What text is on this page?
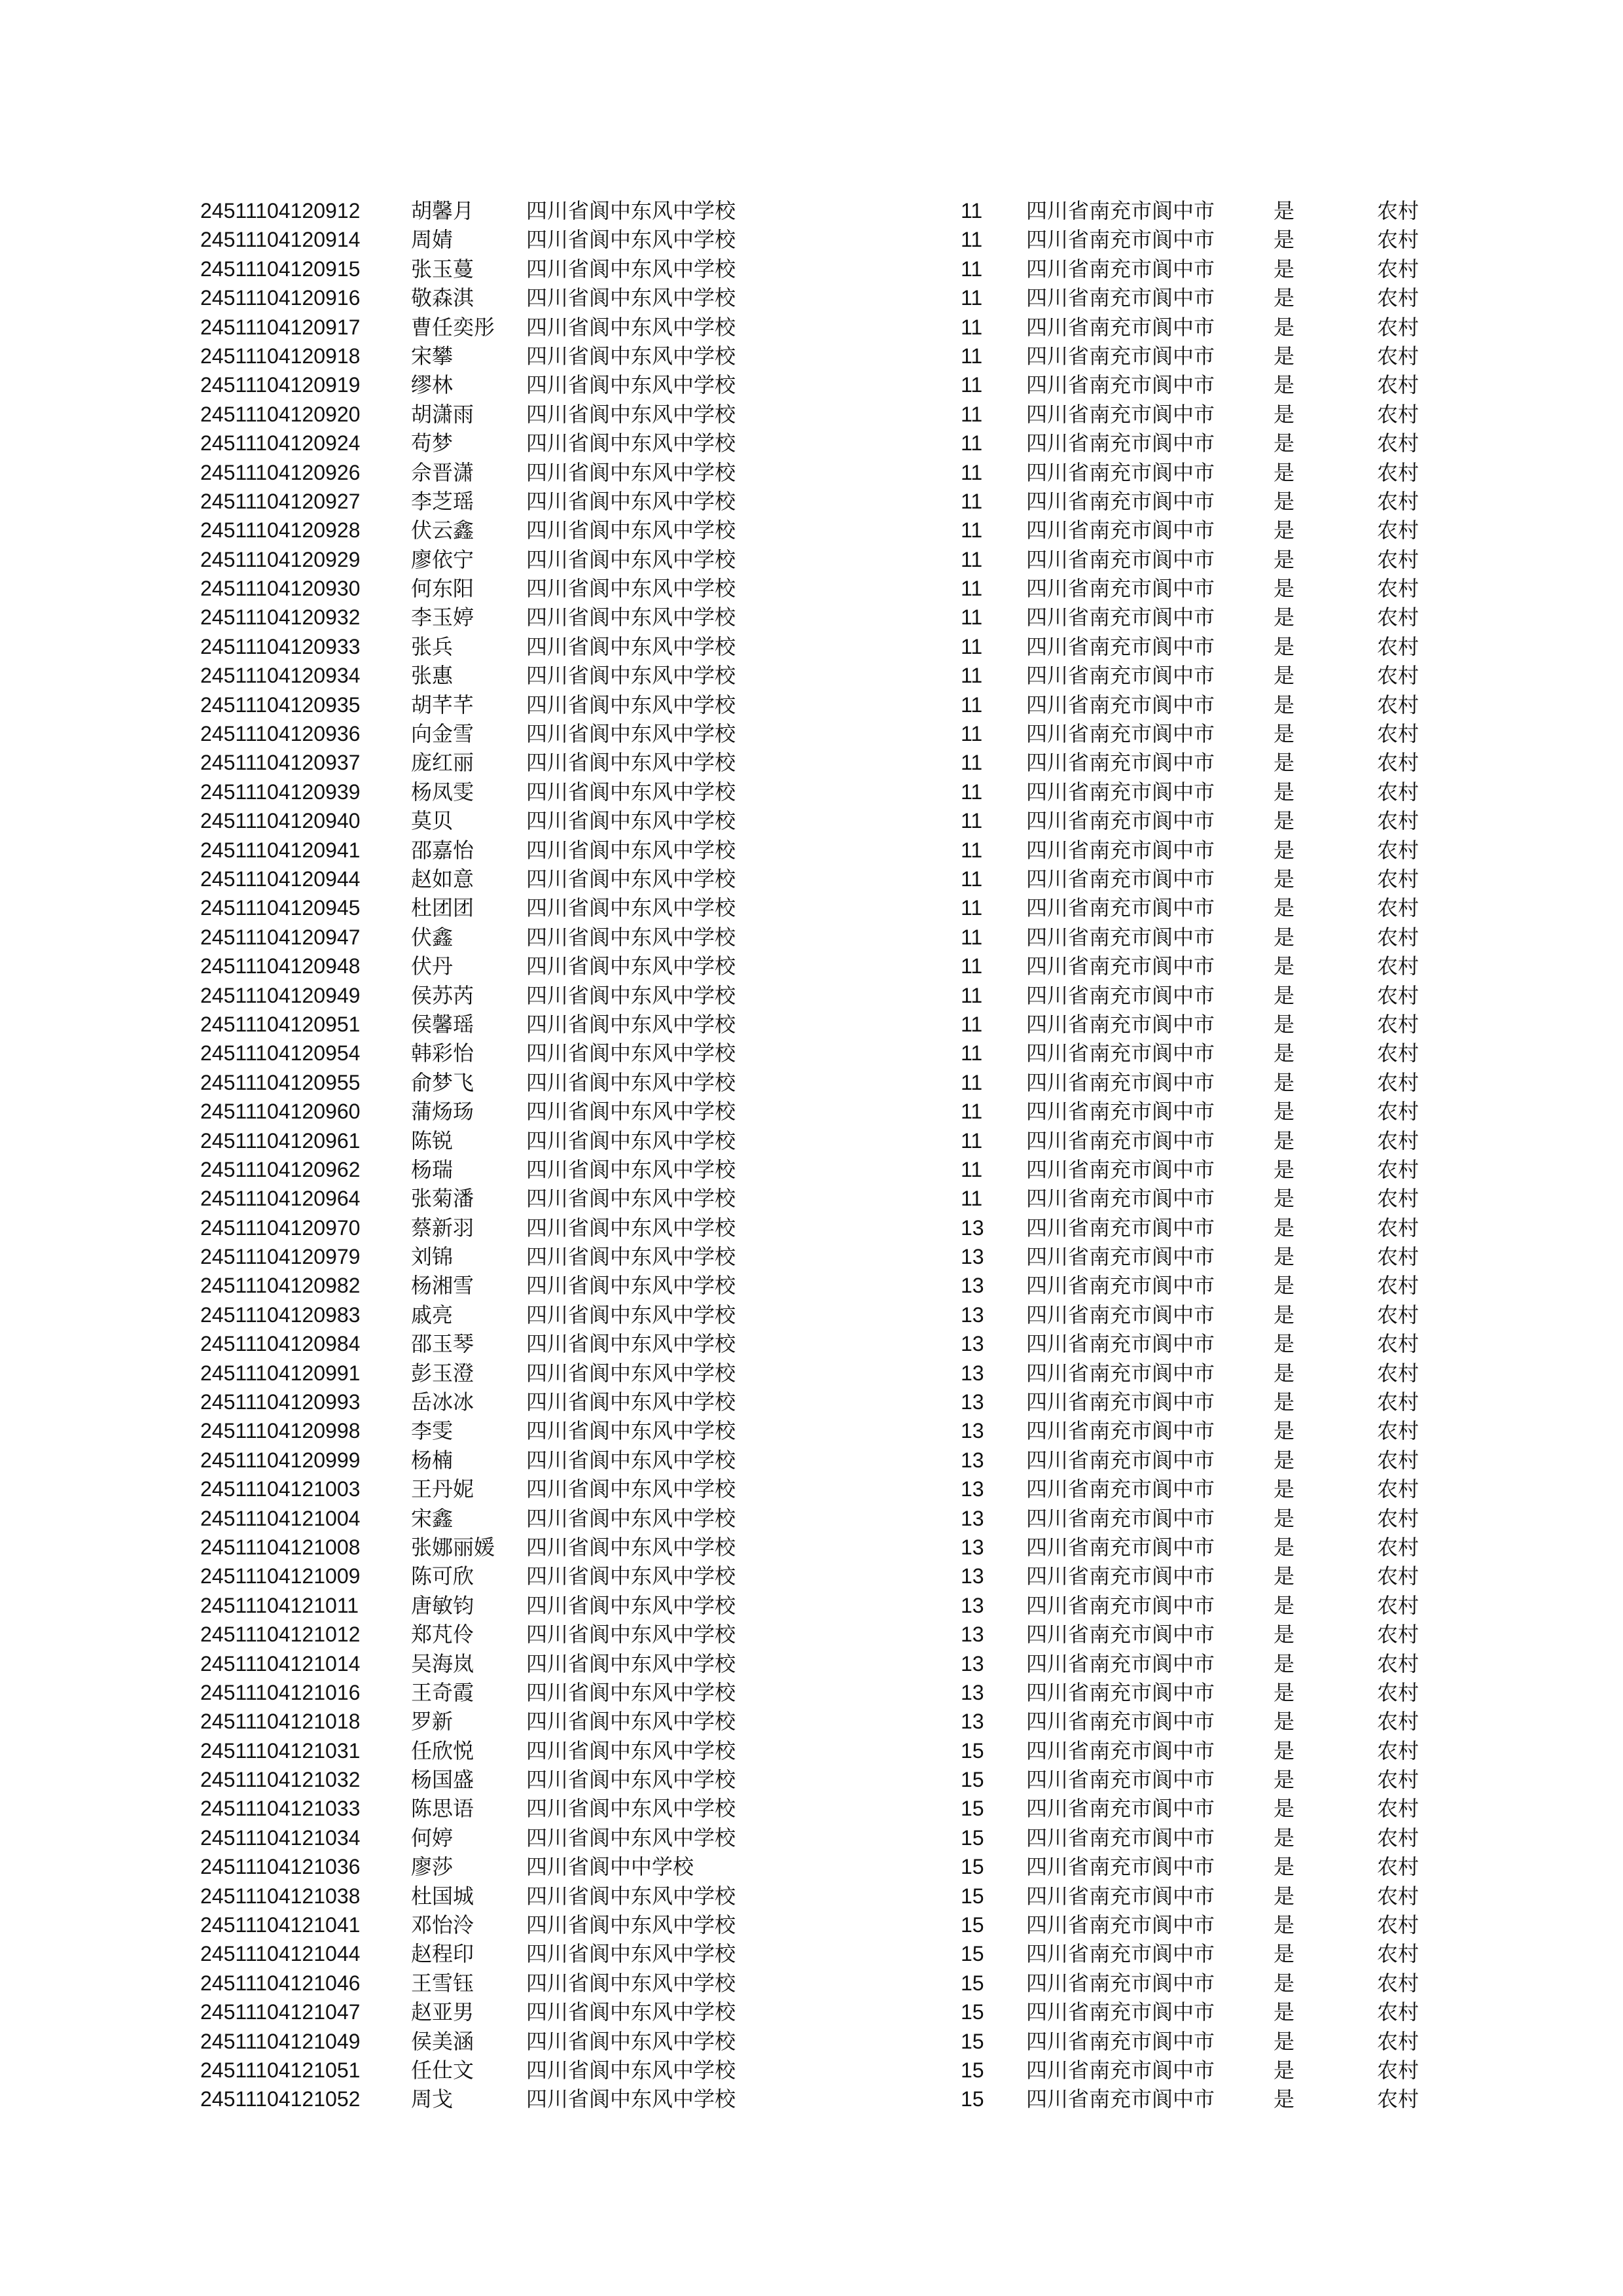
24511104120912 胡馨月 四川省阆中东风中学校	11 四川省南充市阆中市	是	农村
24511104120914 周婧	四川省阆中东风中学校	11 四川省南充市阆中市	是	农村
24511104120915 张玉蔓 四川省阆中东风中学校	11 四川省南充市阆中市	是	农村
24511104120916 敬森淇 四川省阆中东风中学校	11 四川省南充市阆中市	是	农村
24511104120917 曹任奕彤 四川省阆中东风中学校	11 四川省南充市阆中市	是	农村
24511104120918 宋攀	四川省阆中东风中学校	11 四川省南充市阆中市	是	农村
24511104120919 缪林	四川省阆中东风中学校	11 四川省南充市阆中市	是	农村
24511104120920 胡潇雨 四川省阆中东风中学校	11 四川省南充市阆中市	是	农村
24511104120924 苟梦	四川省阆中东风中学校	11 四川省南充市阆中市	是	农村
24511104120926 佘晋潇 四川省阆中东风中学校	11 四川省南充市阆中市	是	农村
24511104120927 李芝瑶 四川省阆中东风中学校	11 四川省南充市阆中市	是	农村
24511104120928 伏云鑫 四川省阆中东风中学校	11 四川省南充市阆中市	是	农村
24511104120929 廖依宁 四川省阆中东风中学校	11 四川省南充市阆中市	是	农村
24511104120930 何东阳 四川省阆中东风中学校	11 四川省南充市阆中市	是	农村
24511104120932 李玉婷 四川省阆中东风中学校	11 四川省南充市阆中市	是	农村
24511104120933 张兵	四川省阆中东风中学校	11 四川省南充市阆中市	是	农村
24511104120934 张惠	四川省阆中东风中学校	11 四川省南充市阆中市	是	农村
24511104120935 胡芊芊 四川省阆中东风中学校	11 四川省南充市阆中市	是	农村
24511104120936 向金雪 四川省阆中东风中学校	11 四川省南充市阆中市	是	农村
24511104120937 庞红丽 四川省阆中东风中学校	11 四川省南充市阆中市	是	农村
24511104120939 杨凤雯 四川省阆中东风中学校	11 四川省南充市阆中市	是	农村
24511104120940 莫贝	四川省阆中东风中学校	11 四川省南充市阆中市	是	农村
24511104120941 邵嘉怡 四川省阆中东风中学校	11 四川省南充市阆中市	是	农村
24511104120944 赵如意 四川省阆中东风中学校	11 四川省南充市阆中市	是	农村
24511104120945 杜团团 四川省阆中东风中学校	11 四川省南充市阆中市	是	农村
24511104120947 伏鑫	四川省阆中东风中学校	11 四川省南充市阆中市	是	农村
24511104120948 伏丹	四川省阆中东风中学校	11 四川省南充市阆中市	是	农村
24511104120949 侯苏芮 四川省阆中东风中学校	11 四川省南充市阆中市	是	农村
24511104120951 侯馨瑶 四川省阆中东风中学校	11 四川省南充市阆中市	是	农村
24511104120954 韩彩怡 四川省阆中东风中学校	11 四川省南充市阆中市	是	农村
24511104120955 俞梦飞 四川省阆中东风中学校	11 四川省南充市阆中市	是	农村
24511104120960 蒲炀玚 四川省阆中东风中学校	11 四川省南充市阆中市	是	农村
24511104120961 陈锐	四川省阆中东风中学校	11 四川省南充市阆中市	是	农村
24511104120962 杨瑞	四川省阆中东风中学校	11 四川省南充市阆中市	是	农村
24511104120964 张菊潘 四川省阆中东风中学校	11 四川省南充市阆中市	是	农村
24511104120970 蔡新羽 四川省阆中东风中学校	13 四川省南充市阆中市	是	农村
24511104120979 刘锦	四川省阆中东风中学校	13 四川省南充市阆中市	是	农村
24511104120982 杨湘雪 四川省阆中东风中学校	13 四川省南充市阆中市	是	农村
24511104120983 戚亮	四川省阆中东风中学校	13 四川省南充市阆中市	是	农村
24511104120984 邵玉琴 四川省阆中东风中学校	13 四川省南充市阆中市	是	农村
24511104120991 彭玉澄 四川省阆中东风中学校	13 四川省南充市阆中市	是	农村
24511104120993 岳冰冰 四川省阆中东风中学校	13 四川省南充市阆中市	是	农村
24511104120998 李雯	四川省阆中东风中学校	13 四川省南充市阆中市	是	农村
24511104120999 杨楠	四川省阆中东风中学校	13 四川省南充市阆中市	是	农村
24511104121003 王丹妮 四川省阆中东风中学校	13 四川省南充市阆中市	是	农村
24511104121004 宋鑫	四川省阆中东风中学校	13 四川省南充市阆中市	是	农村
24511104121008 张娜丽媛 四川省阆中东风中学校	13 四川省南充市阆中市	是	农村
24511104121009 陈可欣 四川省阆中东风中学校	13 四川省南充市阆中市	是	农村
24511104121011 唐敏钧 四川省阆中东风中学校	13 四川省南充市阆中市	是	农村
24511104121012 郑芃伶 四川省阆中东风中学校	13 四川省南充市阆中市	是	农村
24511104121014 吴海岚 四川省阆中东风中学校	13 四川省南充市阆中市	是	农村
24511104121016 王奇霞 四川省阆中东风中学校	13 四川省南充市阆中市	是	农村
24511104121018 罗新	四川省阆中东风中学校	13 四川省南充市阆中市	是	农村
24511104121031 任欣悦 四川省阆中东风中学校	15 四川省南充市阆中市	是	农村
24511104121032 杨国盛 四川省阆中东风中学校	15 四川省南充市阆中市	是	农村
24511104121033 陈思语 四川省阆中东风中学校	15 四川省南充市阆中市	是	农村
24511104121034 何婷	四川省阆中东风中学校	15 四川省南充市阆中市	是	农村
24511104121036 廖莎	四川省阆中中学校	15 四川省南充市阆中市	是	农村
24511104121038 杜国城 四川省阆中东风中学校	15 四川省南充市阆中市	是	农村
24511104121041 邓怡泠 四川省阆中东风中学校	15 四川省南充市阆中市	是	农村
24511104121044 赵程印 四川省阆中东风中学校	15 四川省南充市阆中市	是	农村
24511104121046 王雪钰 四川省阆中东风中学校	15 四川省南充市阆中市	是	农村
24511104121047 赵亚男 四川省阆中东风中学校	15 四川省南充市阆中市	是	农村
24511104121049 侯美涵 四川省阆中东风中学校	15 四川省南充市阆中市	是	农村
24511104121051 任仕文 四川省阆中东风中学校	15 四川省南充市阆中市	是	农村
24511104121052 周戈	四川省阆中东风中学校	15 四川省南充市阆中市	是	农村
